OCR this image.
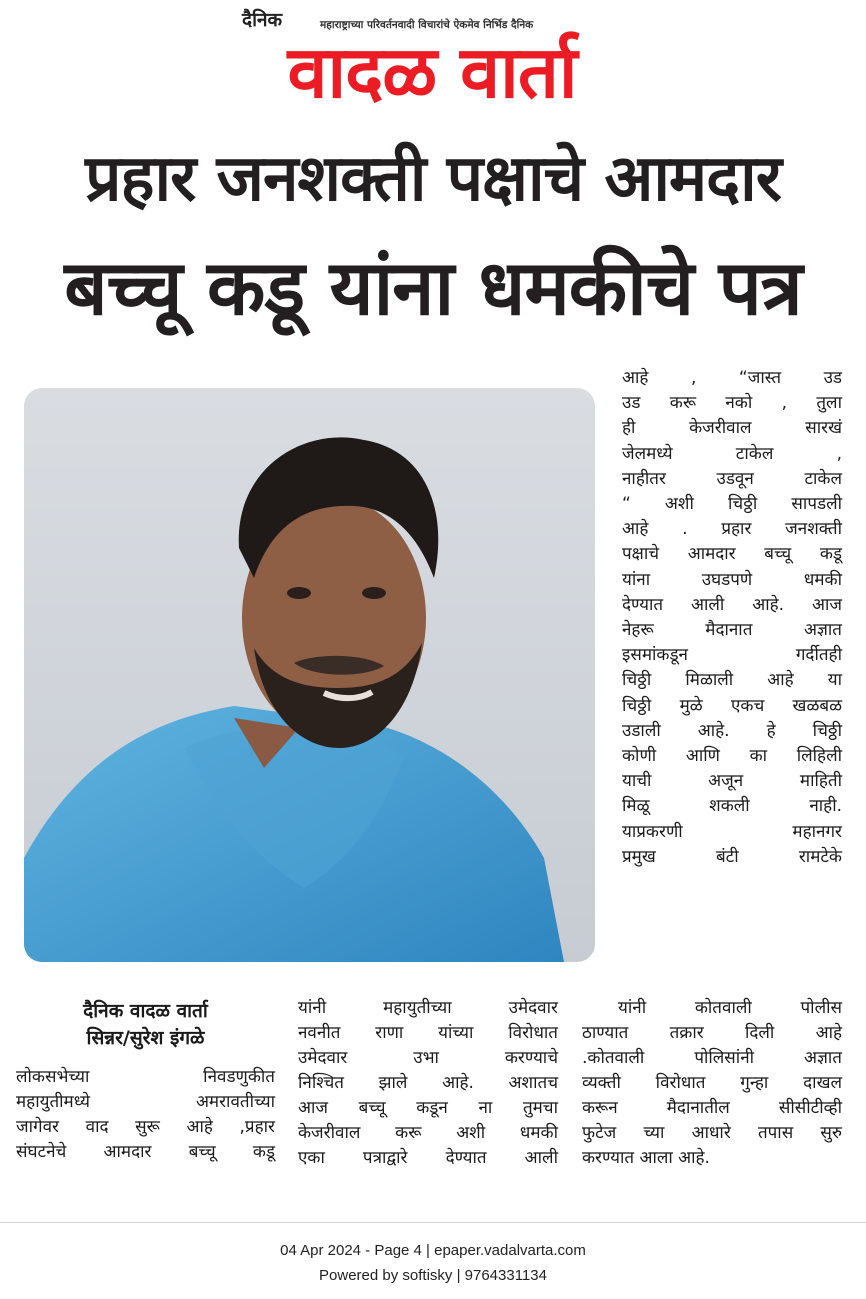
दैनिक	महाराष्ट्राच्या परिवर्तनवादी विचारांचे ऐकमेव निर्भिड दैनिक
वादळ वार्ता
प्रहार जनशक्ती पक्षाचे आमदार
बच्चू कडू यांना धमकीचे पत्र

आहे , “जास्त उड

उड करू नको , तुला

ही केजरीवाल सारखं

जेलमध्ये टाकेल ,

नाहीतर उडवून टाकेल

“ अशी चिठ्ठी सापडली

आहे . प्रहार जनशक्ती

पक्षाचे आमदार बच्चू कडू

यांना उघडपणे धमकी

देण्यात आली आहे. आज

नेहरू मैदानात अज्ञात

इसमांकडून गर्दीतही

चिठ्ठी मिळाली आहे या

चिठ्ठी मुळे एकच खळबळ

उडाली आहे. हे चिठ्ठी

कोणी आणि का लिहिली

याची अजून माहिती

मिळू शकली नाही.

याप्रकरणी महानगर

प्रमुख बंटी रामटेके

यांनी कोतवाली पोलीस

ठाण्यात तक्रार दिली आहे

.कोतवाली पोलिसांनी अज्ञात

व्यक्ती विरोधात गुन्हा दाखल

करून मैदानातील सीसीटीव्ही

फुटेज च्या आधारे तपास सुरु

करण्यात आला आहे.

दैनिक वादळ वार्ता
सिन्नर/सुरेश इंगळे

लोकसभेच्या निवडणुकीत

महायुतीमध्ये अमरावतीच्या

जागेवर वाद सुरू आहे ,प्रहार

संघटनेचे आमदार बच्चू कडू

यांनी महायुतीच्या उमेदवार

नवनीत राणा यांच्या विरोधात

उमेदवार उभा करण्याचे

निश्चित झाले आहे. अशातच

आज बच्चू कडून ना तुमचा

केजरीवाल करू अशी धमकी

एका पत्राद्वारे देण्यात आली

04 Apr 2024 - Page 4 | epaper.vadalvarta.com
Powered by softisky | 9764331134
